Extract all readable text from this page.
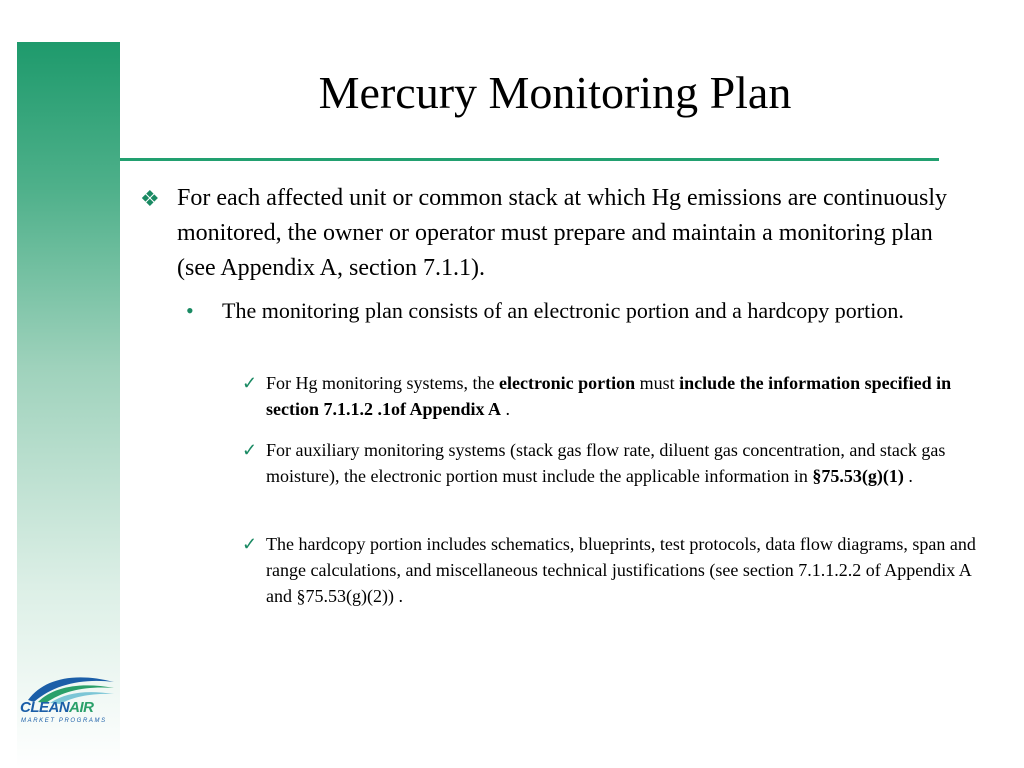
Mercury Monitoring Plan
❖ For each affected unit or common stack at which Hg emissions are continuously monitored, the owner or operator must prepare and maintain a monitoring plan (see Appendix A, section 7.1.1).
• The monitoring plan consists of an electronic portion and a hardcopy portion.
✓ For Hg monitoring systems, the electronic portion must include the information specified in section 7.1.1.2 .1of Appendix A .
✓ For auxiliary monitoring systems (stack gas flow rate, diluent gas concentration, and stack gas moisture), the electronic portion must include the applicable information in §75.53(g)(1) .
✓ The hardcopy portion includes schematics, blueprints, test protocols, data flow diagrams, span and range calculations, and miscellaneous technical justifications (see section 7.1.1.2.2 of Appendix A and §75.53(g)(2)) .
CLEANAIR
MARKET PROGRAMS
